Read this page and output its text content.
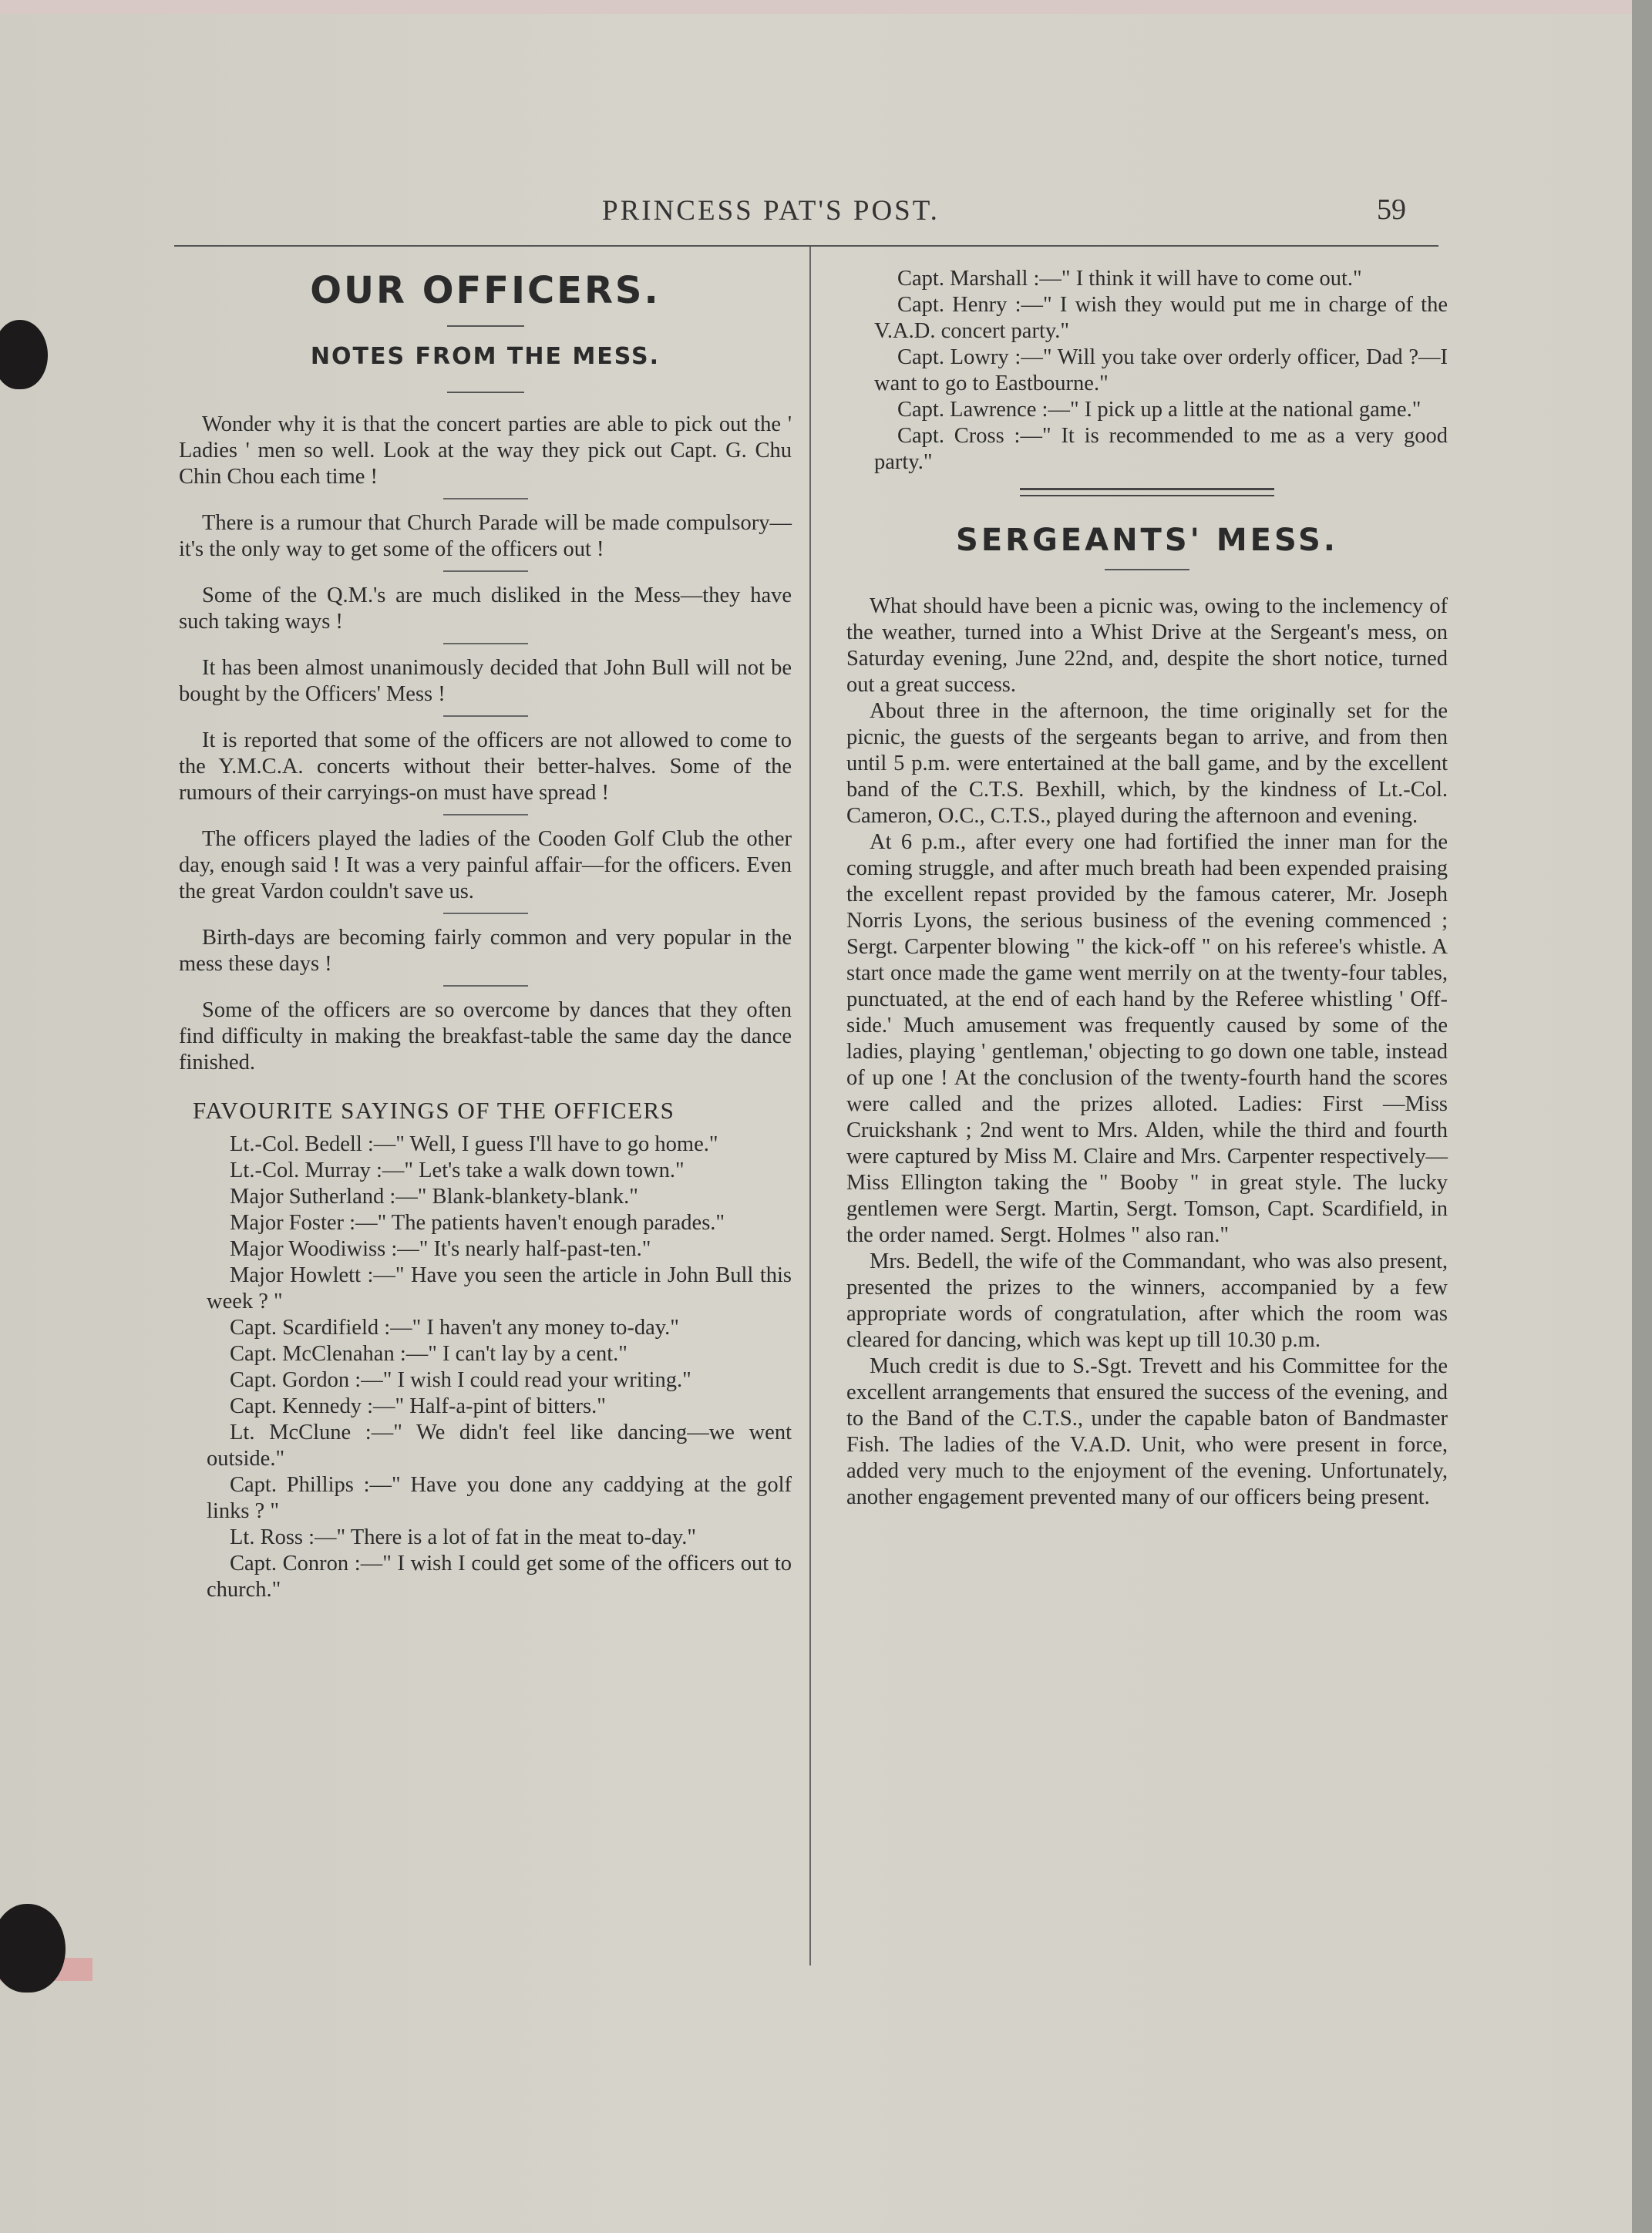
PRINCESS PAT'S POST.	59
OUR OFFICERS.
NOTES FROM THE MESS.

Wonder why it is that the concert parties are able to pick out the ' Ladies ' men so well. Look at the way they pick out Capt. G. Chu Chin Chou each time !

There is a rumour that Church Parade will be made compulsory—it's the only way to get some of the officers out !

Some of the Q.M.'s are much disliked in the Mess—they have such taking ways !

It has been almost unanimously decided that John Bull will not be bought by the Officers' Mess !

It is reported that some of the officers are not allowed to come to the Y.M.C.A. concerts without their better-halves. Some of the rumours of their carryings-on must have spread !

The officers played the ladies of the Cooden Golf Club the other day, enough said ! It was a very painful affair—for the officers. Even the great Vardon couldn't save us.

Birth-days are becoming fairly common and very popular in the mess these days !

Some of the officers are so overcome by dances that they often find difficulty in making the breakfast-table the same day the dance finished.

FAVOURITE SAYINGS OF THE OFFICERS

Lt.-Col. Bedell :—" Well, I guess I'll have to go home."

Lt.-Col. Murray :—" Let's take a walk down town."

Major Sutherland :—" Blank-blankety-blank."

Major Foster :—" The patients haven't enough parades."

Major Woodiwiss :—" It's nearly half-past-ten."

Major Howlett :—" Have you seen the article in John Bull this week ? "

Capt. Scardifield :—" I haven't any money to-day."

Capt. McClenahan :—" I can't lay by a cent."

Capt. Gordon :—" I wish I could read your writing."

Capt. Kennedy :—" Half-a-pint of bitters."

Lt. McClune :—" We didn't feel like dancing—we went outside."

Capt. Phillips :—" Have you done any caddying at the golf links ? "

Lt. Ross :—" There is a lot of fat in the meat to-day."

Capt. Conron :—" I wish I could get some of the officers out to church."

Capt. Marshall :—" I think it will have to come out."

Capt. Henry :—" I wish they would put me in charge of the V.A.D. concert party."

Capt. Lowry :—" Will you take over orderly officer, Dad ?—I want to go to Eastbourne."

Capt. Lawrence :—" I pick up a little at the national game."

Capt. Cross :—" It is recommended to me as a very good party."

SERGEANTS' MESS.

What should have been a picnic was, owing to the inclemency of the weather, turned into a Whist Drive at the Sergeant's mess, on Saturday evening, June 22nd, and, despite the short notice, turned out a great success.

About three in the afternoon, the time originally set for the picnic, the guests of the sergeants began to arrive, and from then until 5 p.m. were entertained at the ball game, and by the excellent band of the C.T.S. Bexhill, which, by the kindness of Lt.-Col. Cameron, O.C., C.T.S., played during the afternoon and evening.

At 6 p.m., after every one had fortified the inner man for the coming struggle, and after much breath had been expended praising the excellent repast provided by the famous caterer, Mr. Joseph Norris Lyons, the serious business of the evening commenced ; Sergt. Carpenter blowing " the kick-off " on his referee's whistle. A start once made the game went merrily on at the twenty-four tables, punctuated, at the end of each hand by the Referee whistling ' Off-side.' Much amusement was frequently caused by some of the ladies, playing ' gentleman,' objecting to go down one table, instead of up one ! At the conclusion of the twenty-fourth hand the scores were called and the prizes alloted. Ladies: First —Miss Cruickshank ; 2nd went to Mrs. Alden, while the third and fourth were captured by Miss M. Claire and Mrs. Carpenter respectively—Miss Ellington taking the " Booby " in great style. The lucky gentlemen were Sergt. Martin, Sergt. Tomson, Capt. Scardifield, in the order named. Sergt. Holmes " also ran."

Mrs. Bedell, the wife of the Commandant, who was also present, presented the prizes to the winners, accompanied by a few appropriate words of congratulation, after which the room was cleared for dancing, which was kept up till 10.30 p.m.

Much credit is due to S.-Sgt. Trevett and his Committee for the excellent arrangements that ensured the success of the evening, and to the Band of the C.T.S., under the capable baton of Bandmaster Fish. The ladies of the V.A.D. Unit, who were present in force, added very much to the enjoyment of the evening. Unfortunately, another engagement prevented many of our officers being present.
